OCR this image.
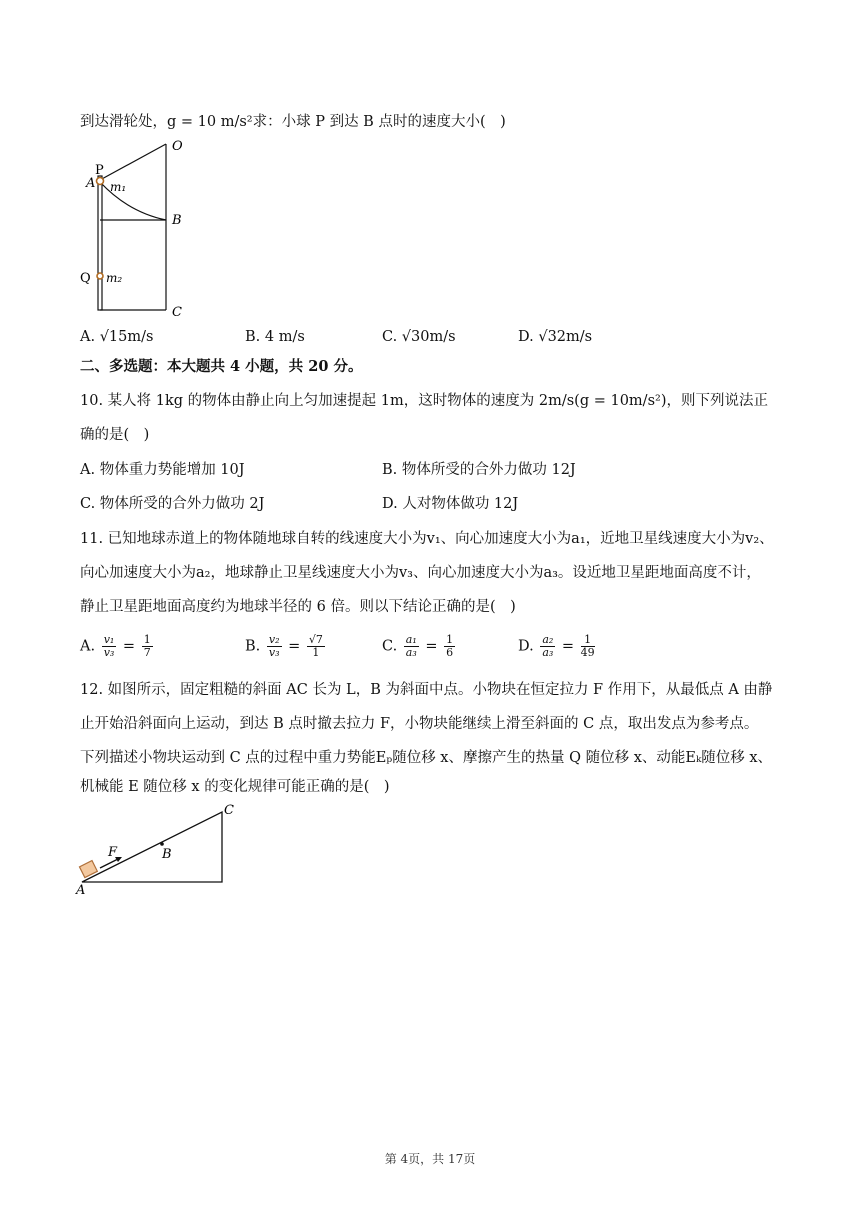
到达滑轮处，g = 10 m/s²求：小球 P 到达 B 点时的速度大小(　)
P
A m₁
O
B
Q m₂
C
A. √15m/s	B. 4 m/s	C. √30m/s	D. √32m/s
二、多选题：本大题共 4 小题，共 20 分。
10. 某人将 1kg 的物体由静止向上匀加速提起 1m，这时物体的速度为 2m/s(g = 10m/s²)，则下列说法正
确的是(　)
A. 物体重力势能增加 10J	B. 物体所受的合外力做功 12J
C. 物体所受的合外力做功 2J	D. 人对物体做功 12J
11. 已知地球赤道上的物体随地球自转的线速度大小为v₁、向心加速度大小为a₁，近地卫星线速度大小为v₂、
向心加速度大小为a₂，地球静止卫星线速度大小为v₃、向心加速度大小为a₃。设近地卫星距地面高度不计，
静止卫星距地面高度约为地球半径的 6 倍。则以下结论正确的是(　)
A. $\frac{\text{v₁}}{\text{v₃}} = \frac{1}{7}$	B. $\frac{\text{v₂}}{\text{v₃}} = \frac{√7}{1}$	C. $\frac{\text{a₁}}{\text{a₃}} = \frac{1}{6}$	D. $\frac{\text{a₂}}{\text{a₃}} = \frac{1}{49}$
12. 如图所示，固定粗糙的斜面 AC 长为 L，B 为斜面中点。小物块在恒定拉力 F 作用下，从最低点 A 由静
止开始沿斜面向上运动，到达 B 点时撤去拉力 F，小物块能继续上滑至斜面的 C 点，取出发点为参考点。
下列描述小物块运动到 C 点的过程中重力势能Eₚ随位移 x、摩擦产生的热量 Q 随位移 x、动能Eₖ随位移 x、
机械能 E 随位移 x 的变化规律可能正确的是(　)
C
F	B
A
第 4页，共 17页
